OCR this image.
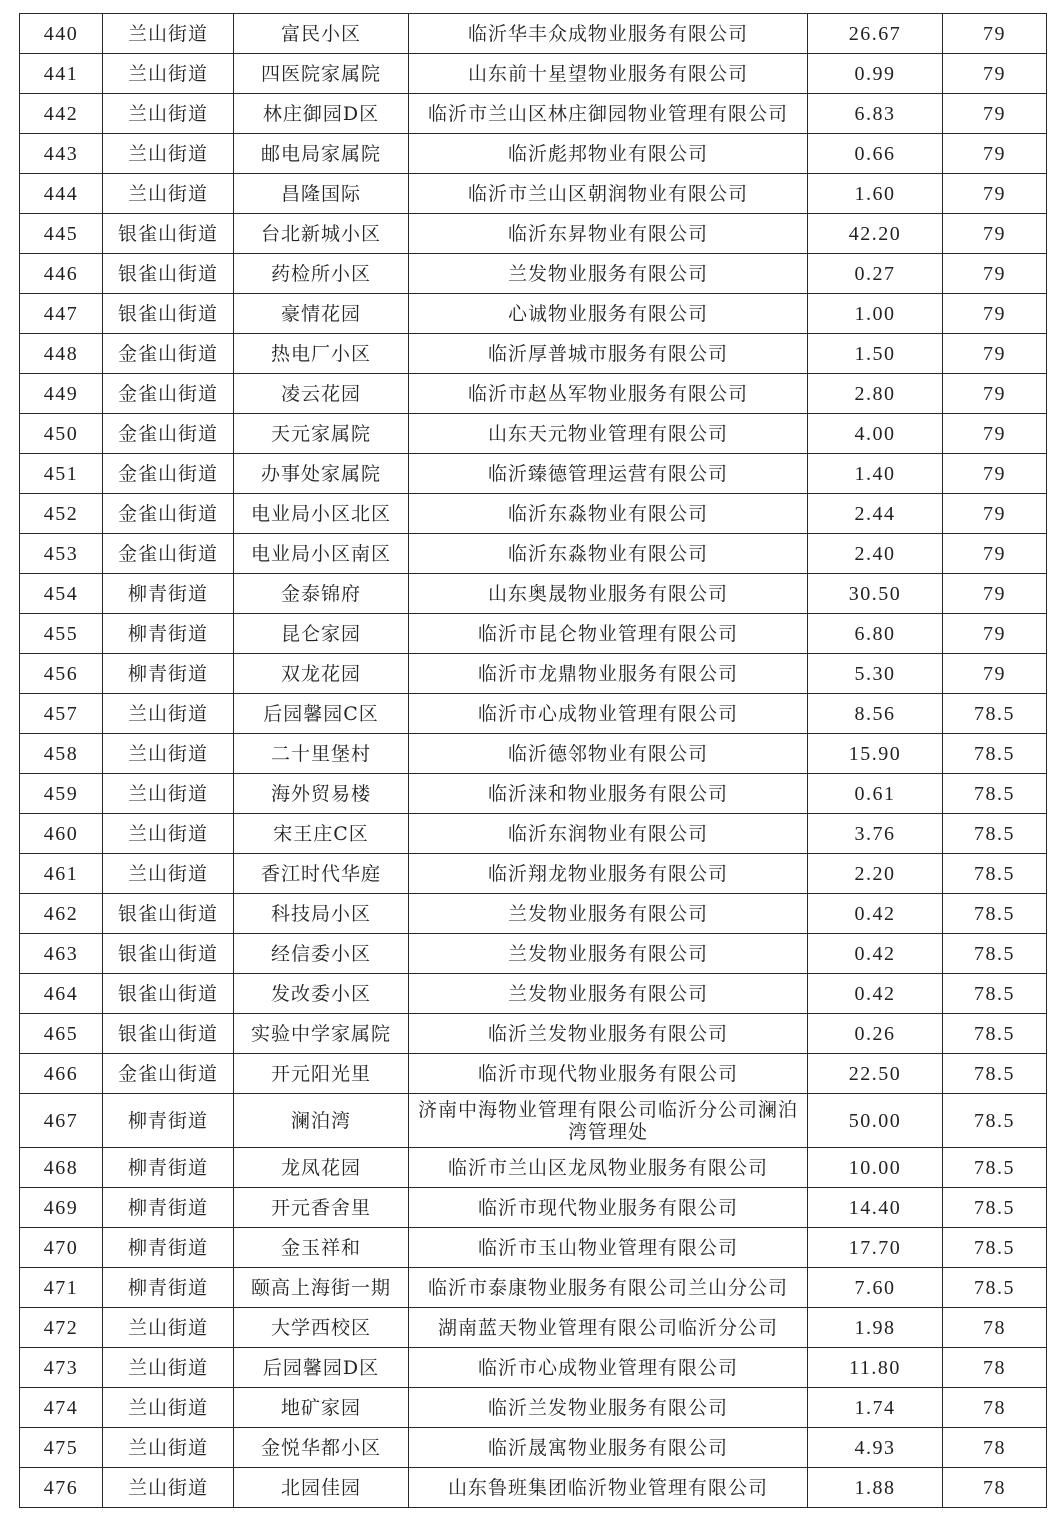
440	兰山街道	富民小区	临沂华丰众成物业服务有限公司	26.67	79
441	兰山街道	四医院家属院	山东前十星望物业服务有限公司	0.99	79
442	兰山街道	林庄御园D区	临沂市兰山区林庄御园物业管理有限公司	6.83	79
443	兰山街道	邮电局家属院	临沂彪邦物业有限公司	0.66	79
444	兰山街道	昌隆国际	临沂市兰山区朝润物业有限公司	1.60	79
445	银雀山街道	台北新城小区	临沂东昇物业有限公司	42.20	79
446	银雀山街道	药检所小区	兰发物业服务有限公司	0.27	79
447	银雀山街道	豪情花园	心诚物业服务有限公司	1.00	79
448	金雀山街道	热电厂小区	临沂厚普城市服务有限公司	1.50	79
449	金雀山街道	凌云花园	临沂市赵丛军物业服务有限公司	2.80	79
450	金雀山街道	天元家属院	山东天元物业管理有限公司	4.00	79
451	金雀山街道	办事处家属院	临沂臻德管理运营有限公司	1.40	79
452	金雀山街道	电业局小区北区	临沂东淼物业有限公司	2.44	79
453	金雀山街道	电业局小区南区	临沂东淼物业有限公司	2.40	79
454	柳青街道	金泰锦府	山东奥晟物业服务有限公司	30.50	79
455	柳青街道	昆仑家园	临沂市昆仑物业管理有限公司	6.80	79
456	柳青街道	双龙花园	临沂市龙鼎物业服务有限公司	5.30	79
457	兰山街道	后园馨园C区	临沂市心成物业管理有限公司	8.56	78.5
458	兰山街道	二十里堡村	临沂德邻物业有限公司	15.90	78.5
459	兰山街道	海外贸易楼	临沂涞和物业服务有限公司	0.61	78.5
460	兰山街道	宋王庄C区	临沂东润物业有限公司	3.76	78.5
461	兰山街道	香江时代华庭	临沂翔龙物业服务有限公司	2.20	78.5
462	银雀山街道	科技局小区	兰发物业服务有限公司	0.42	78.5
463	银雀山街道	经信委小区	兰发物业服务有限公司	0.42	78.5
464	银雀山街道	发改委小区	兰发物业服务有限公司	0.42	78.5
465	银雀山街道	实验中学家属院	临沂兰发物业服务有限公司	0.26	78.5
466	金雀山街道	开元阳光里	临沂市现代物业服务有限公司	22.50	78.5
467	柳青街道	澜泊湾	济南中海物业管理有限公司临沂分公司澜泊湾管理处	50.00	78.5
468	柳青街道	龙凤花园	临沂市兰山区龙凤物业服务有限公司	10.00	78.5
469	柳青街道	开元香舍里	临沂市现代物业服务有限公司	14.40	78.5
470	柳青街道	金玉祥和	临沂市玉山物业管理有限公司	17.70	78.5
471	柳青街道	颐高上海街一期	临沂市泰康物业服务有限公司兰山分公司	7.60	78.5
472	兰山街道	大学西校区	湖南蓝天物业管理有限公司临沂分公司	1.98	78
473	兰山街道	后园馨园D区	临沂市心成物业管理有限公司	11.80	78
474	兰山街道	地矿家园	临沂兰发物业服务有限公司	1.74	78
475	兰山街道	金悦华都小区	临沂晟寓物业服务有限公司	4.93	78
476	兰山街道	北园佳园	山东鲁班集团临沂物业管理有限公司	1.88	78
